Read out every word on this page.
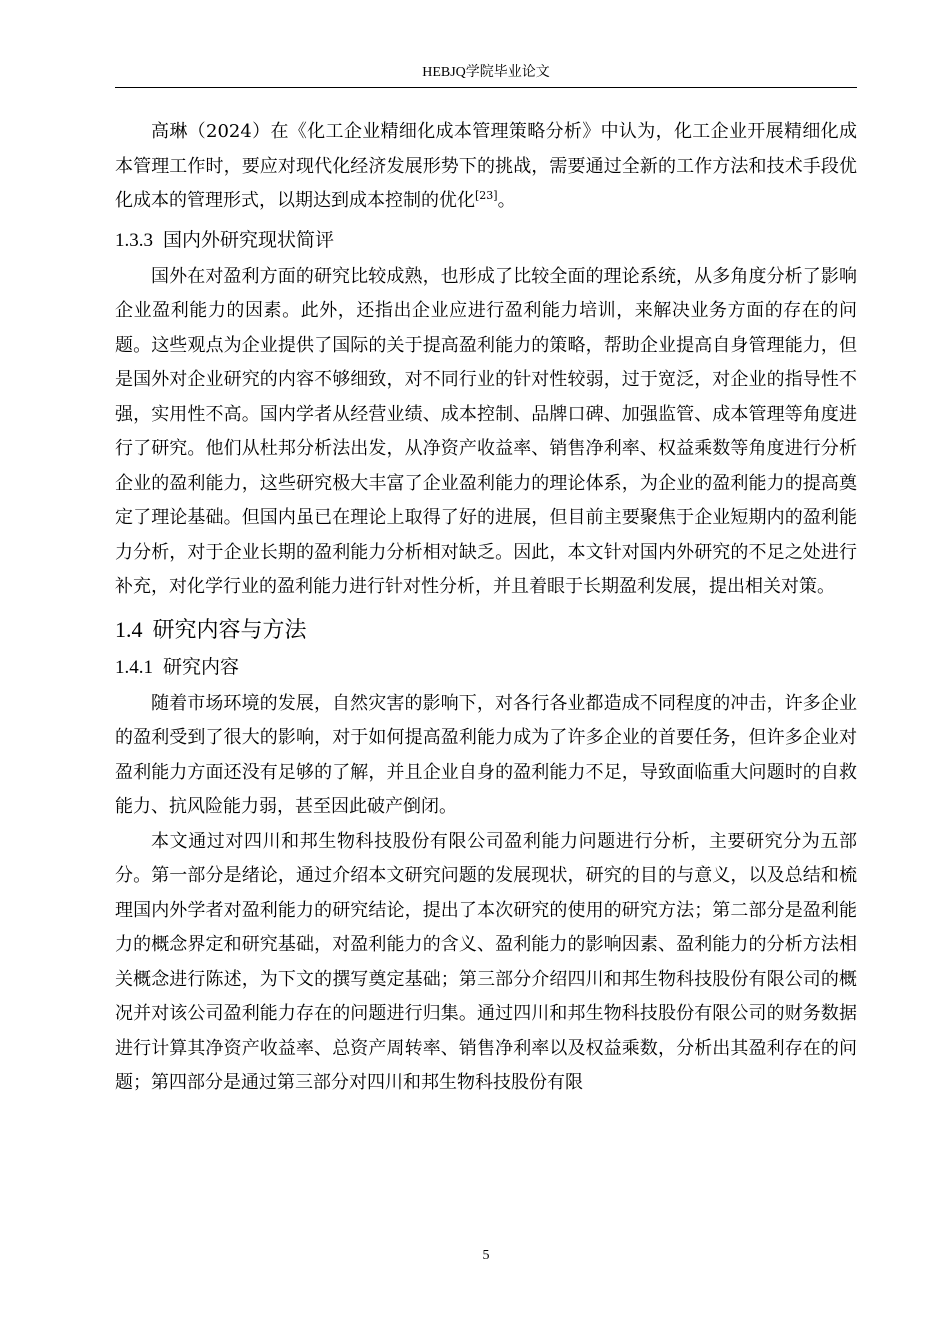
HEBJQ学院毕业论文

高琳（2024）在《化工企业精细化成本管理策略分析》中认为，化工企业开展精细化成本管理工作时，要应对现代化经济发展形势下的挑战，需要通过全新的工作方法和技术手段优化成本的管理形式，以期达到成本控制的优化[23]。

1.3.3 国内外研究现状简评

国外在对盈利方面的研究比较成熟，也形成了比较全面的理论系统，从多角度分析了影响企业盈利能力的因素。此外，还指出企业应进行盈利能力培训，来解决业务方面的存在的问题。这些观点为企业提供了国际的关于提高盈利能力的策略，帮助企业提高自身管理能力，但是国外对企业研究的内容不够细致，对不同行业的针对性较弱，过于宽泛，对企业的指导性不强，实用性不高。国内学者从经营业绩、成本控制、品牌口碑、加强监管、成本管理等角度进行了研究。他们从杜邦分析法出发，从净资产收益率、销售净利率、权益乘数等角度进行分析企业的盈利能力，这些研究极大丰富了企业盈利能力的理论体系，为企业的盈利能力的提高奠定了理论基础。但国内虽已在理论上取得了好的进展，但目前主要聚焦于企业短期内的盈利能力分析，对于企业长期的盈利能力分析相对缺乏。因此，本文针对国内外研究的不足之处进行补充，对化学行业的盈利能力进行针对性分析，并且着眼于长期盈利发展，提出相关对策。

1.4 研究内容与方法
1.4.1 研究内容

随着市场环境的发展，自然灾害的影响下，对各行各业都造成不同程度的冲击，许多企业的盈利受到了很大的影响，对于如何提高盈利能力成为了许多企业的首要任务，但许多企业对盈利能力方面还没有足够的了解，并且企业自身的盈利能力不足，导致面临重大问题时的自救能力、抗风险能力弱，甚至因此破产倒闭。

本文通过对四川和邦生物科技股份有限公司盈利能力问题进行分析，主要研究分为五部分。第一部分是绪论，通过介绍本文研究问题的发展现状，研究的目的与意义，以及总结和梳理国内外学者对盈利能力的研究结论，提出了本次研究的使用的研究方法；第二部分是盈利能力的概念界定和研究基础，对盈利能力的含义、盈利能力的影响因素、盈利能力的分析方法相关概念进行陈述，为下文的撰写奠定基础；第三部分介绍四川和邦生物科技股份有限公司的概况并对该公司盈利能力存在的问题进行归集。通过四川和邦生物科技股份有限公司的财务数据进行计算其净资产收益率、总资产周转率、销售净利率以及权益乘数，分析出其盈利存在的问题；第四部分是通过第三部分对四川和邦生物科技股份有限

5
